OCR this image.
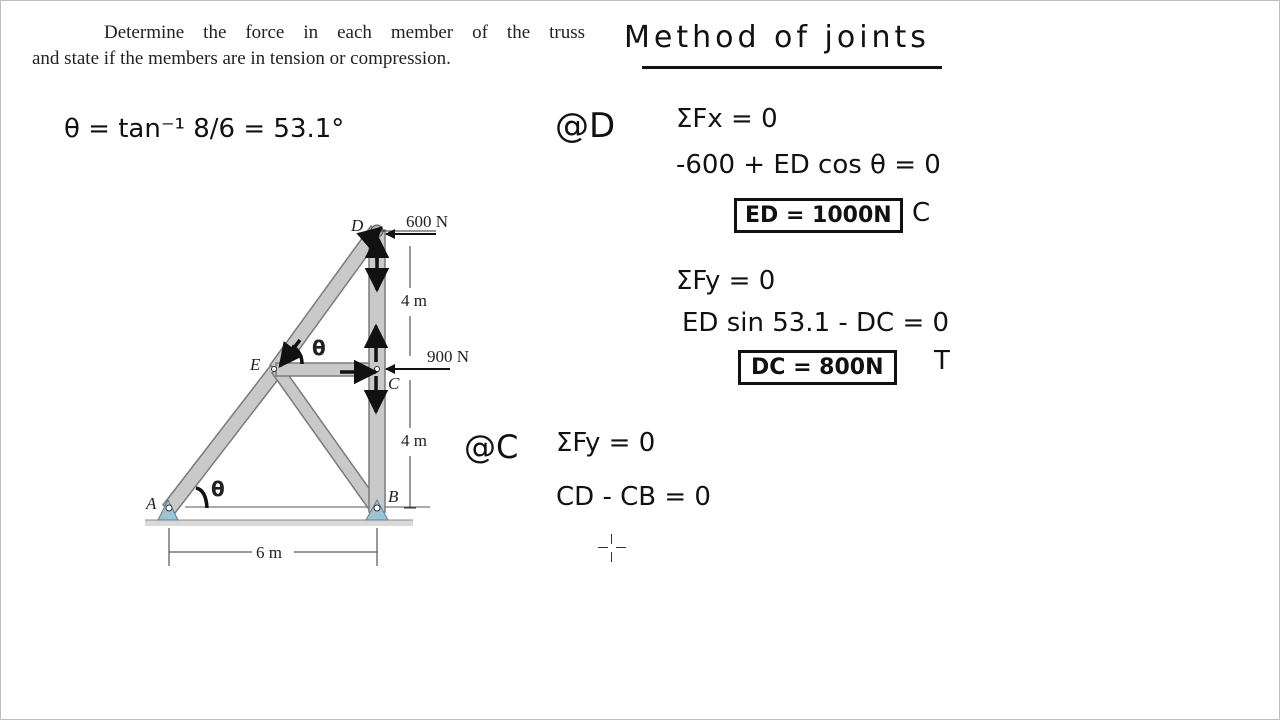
Determine the force in each member of the truss
and state if the members are in tension or compression.
Method of joints
θ = tan⁻¹ 8/6 = 53.1°	@D ΣFx = 0
-600 + ED cos θ = 0
ED = 1000N C
ΣFy = 0
ED sin 53.1 - DC = 0
DC = 800N	T
@C ΣFy = 0
CD - CB = 0
D
E
C
A	B
600 N
900 N
4 m
4 m
6 m
θ
θ
